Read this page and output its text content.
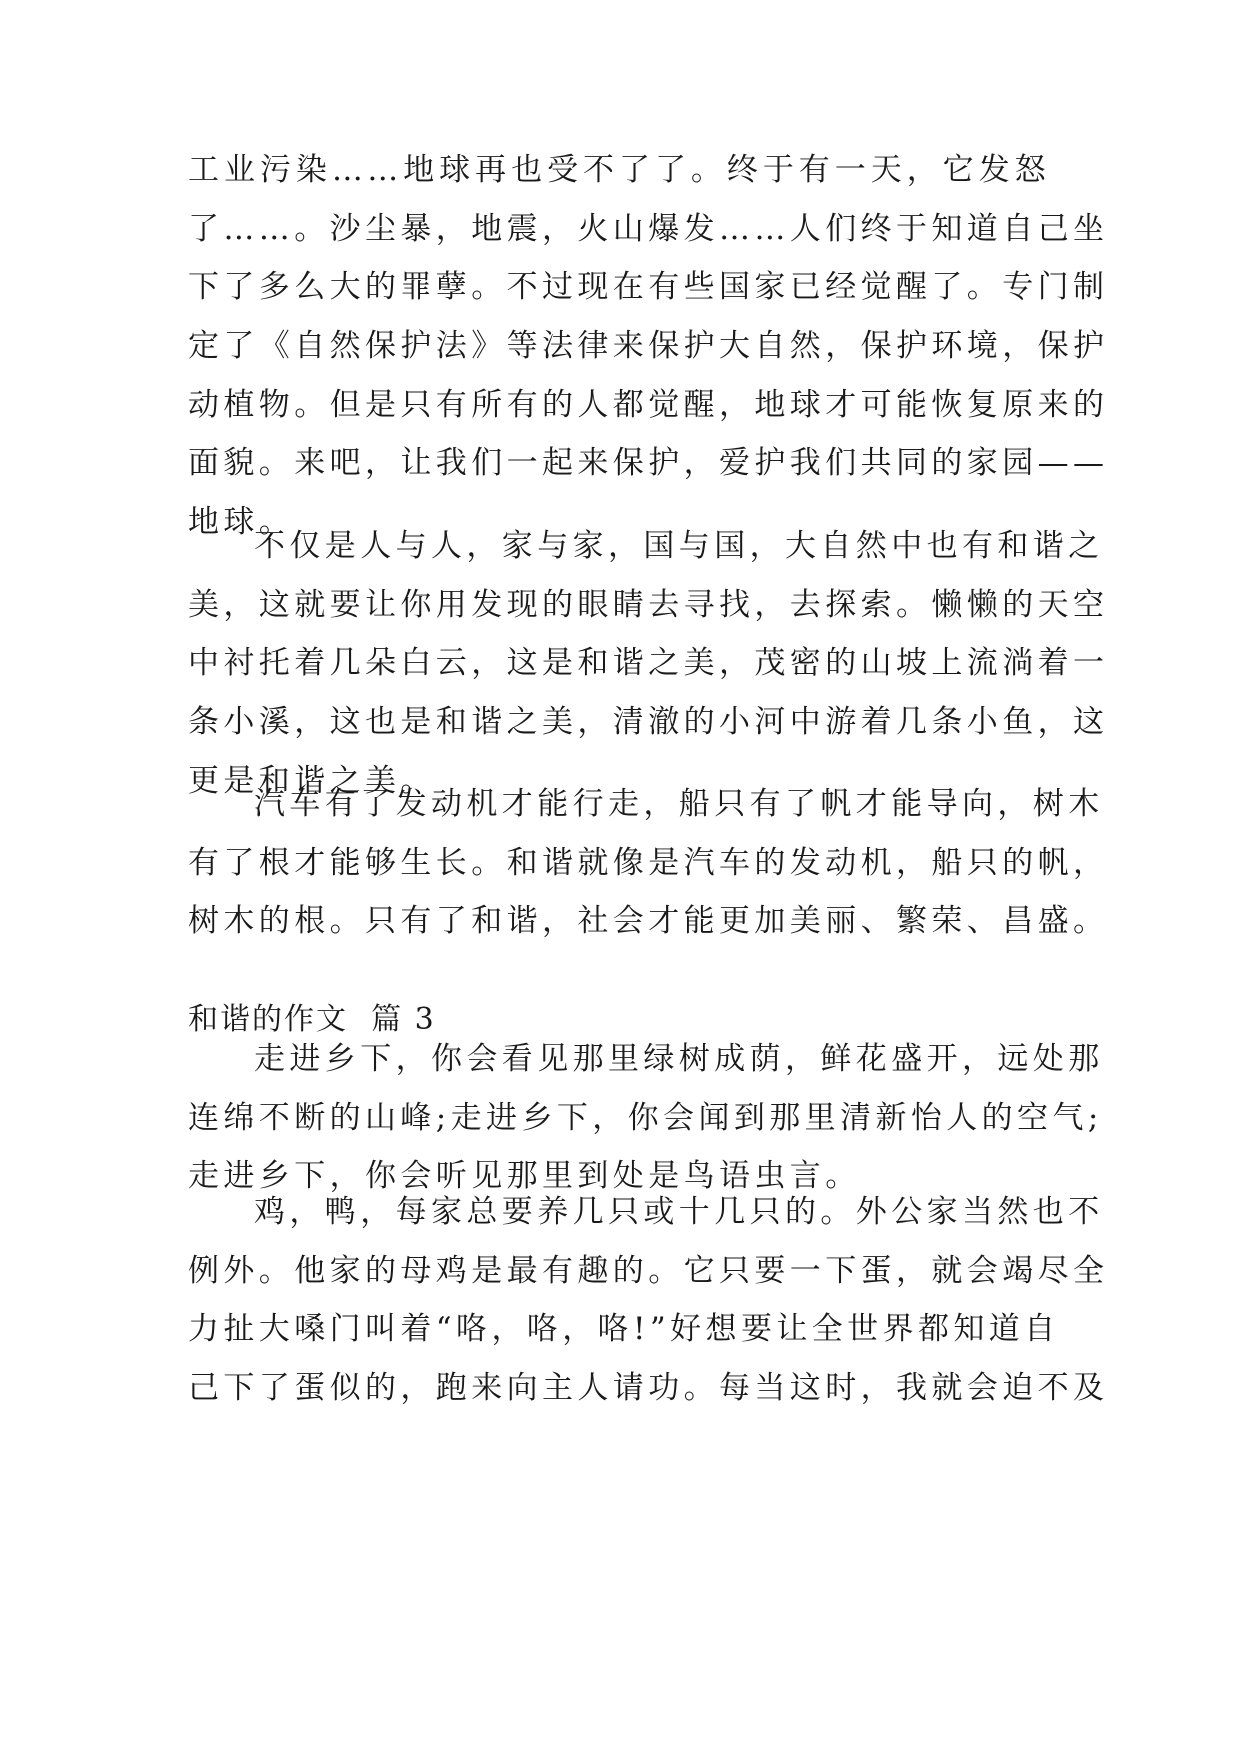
工业污染……地球再也受不了了。终于有一天，它发怒
了……。沙尘暴，地震，火山爆发……人们终于知道自己坐
下了多么大的罪孽。不过现在有些国家已经觉醒了。专门制
定了《自然保护法》等法律来保护大自然，保护环境，保护
动植物。但是只有所有的人都觉醒，地球才可能恢复原来的
面貌。来吧，让我们一起来保护，爱护我们共同的家园——
地球。
不仅是人与人，家与家，国与国，大自然中也有和谐之
美，这就要让你用发现的眼睛去寻找，去探索。懒懒的天空
中衬托着几朵白云，这是和谐之美，茂密的山坡上流淌着一
条小溪，这也是和谐之美，清澈的小河中游着几条小鱼，这
更是和谐之美。
汽车有了发动机才能行走，船只有了帆才能导向，树木
有了根才能够生长。和谐就像是汽车的发动机，船只的帆，
树木的根。只有了和谐，社会才能更加美丽、繁荣、昌盛。
和谐的作文  篇 3
走进乡下，你会看见那里绿树成荫，鲜花盛开，远处那
连绵不断的山峰;走进乡下，你会闻到那里清新怡人的空气;
走进乡下，你会听见那里到处是鸟语虫言。
鸡，鸭，每家总要养几只或十几只的。外公家当然也不
例外。他家的母鸡是最有趣的。它只要一下蛋，就会竭尽全
力扯大嗓门叫着“咯，咯，咯!”好想要让全世界都知道自
己下了蛋似的，跑来向主人请功。每当这时，我就会迫不及
